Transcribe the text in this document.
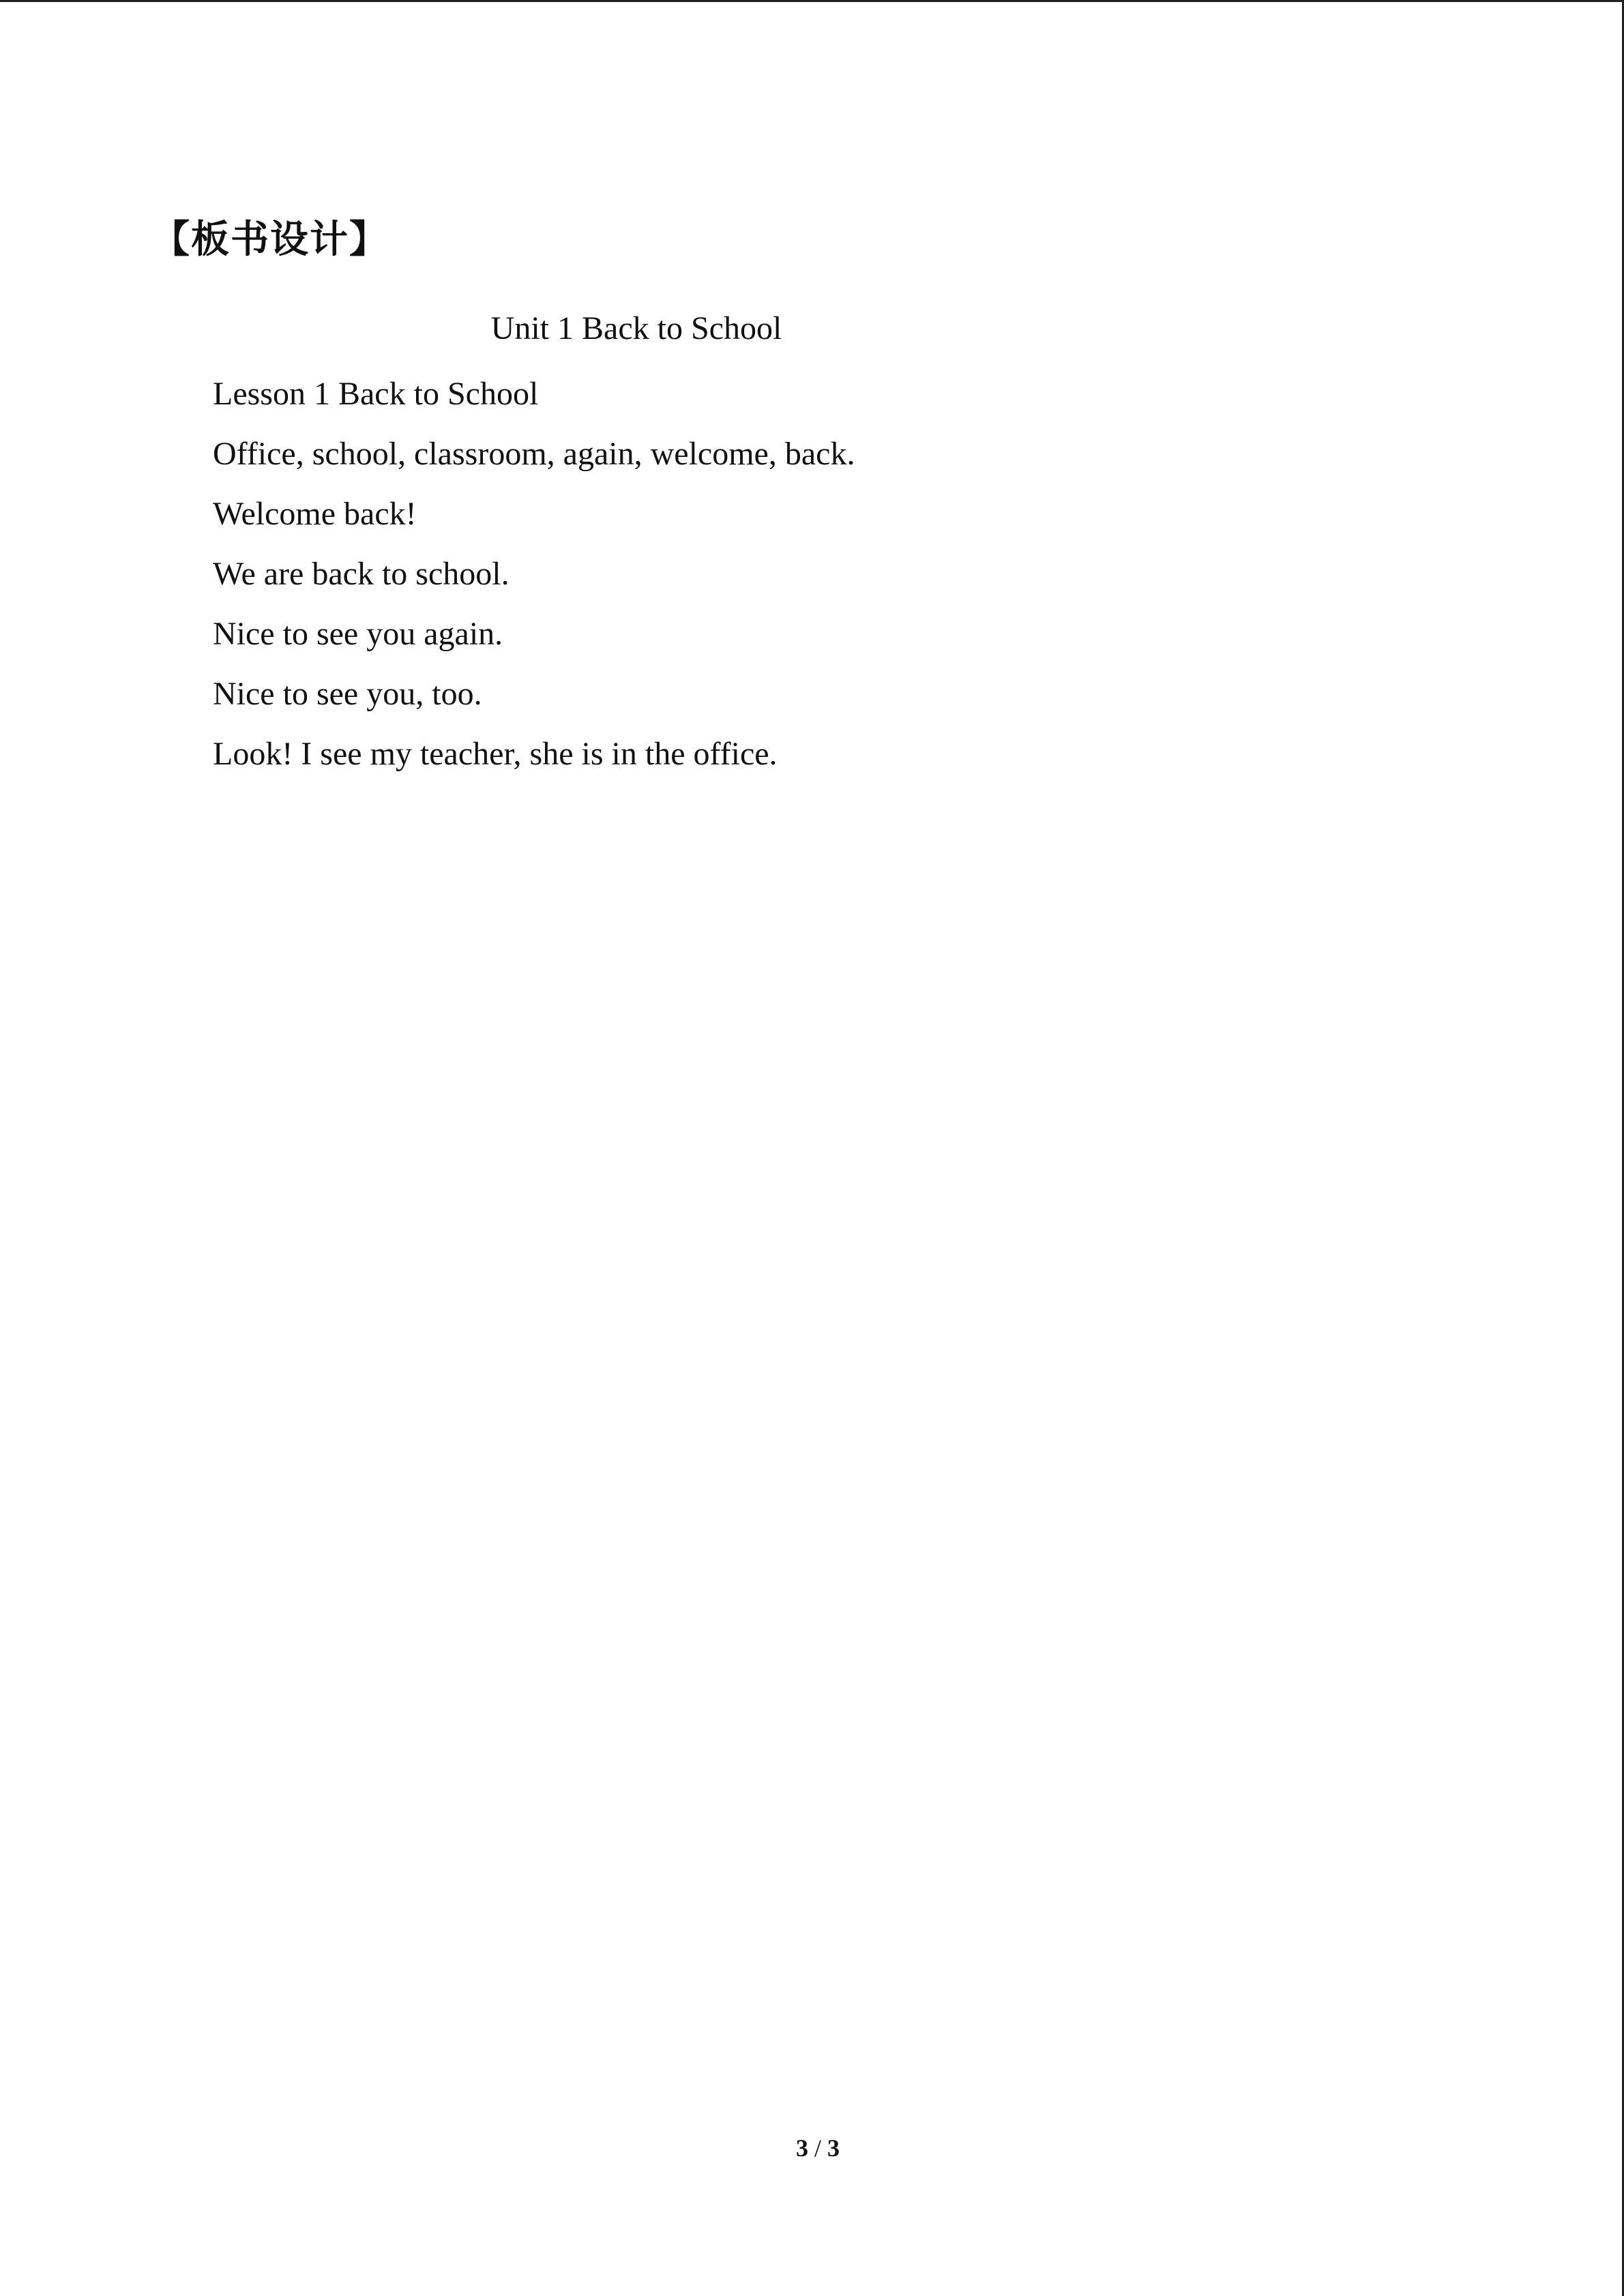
【板书设计】
Unit 1 Back to School
Lesson 1 Back to School
Office, school, classroom, again, welcome, back.
Welcome back!
We are back to school.
Nice to see you again.
Nice to see you, too.
Look! I see my teacher, she is in the office.
3 / 3
